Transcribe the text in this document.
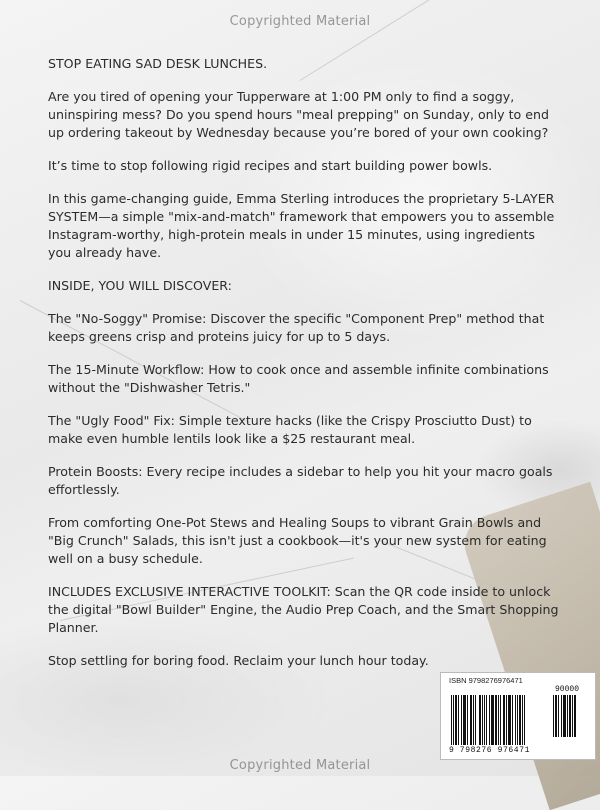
Copyrighted Material

STOP EATING SAD DESK LUNCHES.

Are you tired of opening your Tupperware at 1:00 PM only to find a soggy, uninspiring mess? Do you spend hours "meal prepping" on Sunday, only to end up ordering takeout by Wednesday because you’re bored of your own cooking?

It’s time to stop following rigid recipes and start building power bowls.

In this game-changing guide, Emma Sterling introduces the proprietary 5-LAYER SYSTEM—a simple "mix-and-match" framework that empowers you to assemble Instagram-worthy, high-protein meals in under 15 minutes, using ingredients you already have.

INSIDE, YOU WILL DISCOVER:

The "No-Soggy" Promise: Discover the specific "Component Prep" method that keeps greens crisp and proteins juicy for up to 5 days.

The 15-Minute Workflow: How to cook once and assemble infinite combinations without the "Dishwasher Tetris."

The "Ugly Food" Fix: Simple texture hacks (like the Crispy Prosciutto Dust) to make even humble lentils look like a $25 restaurant meal.

Protein Boosts: Every recipe includes a sidebar to help you hit your macro goals effortlessly.

From comforting One-Pot Stews and Healing Soups to vibrant Grain Bowls and "Big Crunch" Salads, this isn't just a cookbook—it's your new system for eating well on a busy schedule.

INCLUDES EXCLUSIVE INTERACTIVE TOOLKIT: Scan the QR code inside to unlock the digital "Bowl Builder" Engine, the Audio Prep Coach, and the Smart Shopping Planner.

Stop settling for boring food. Reclaim your lunch hour today.

ISBN 9798276976471
90000
9 798276 976471
Copyrighted Material
